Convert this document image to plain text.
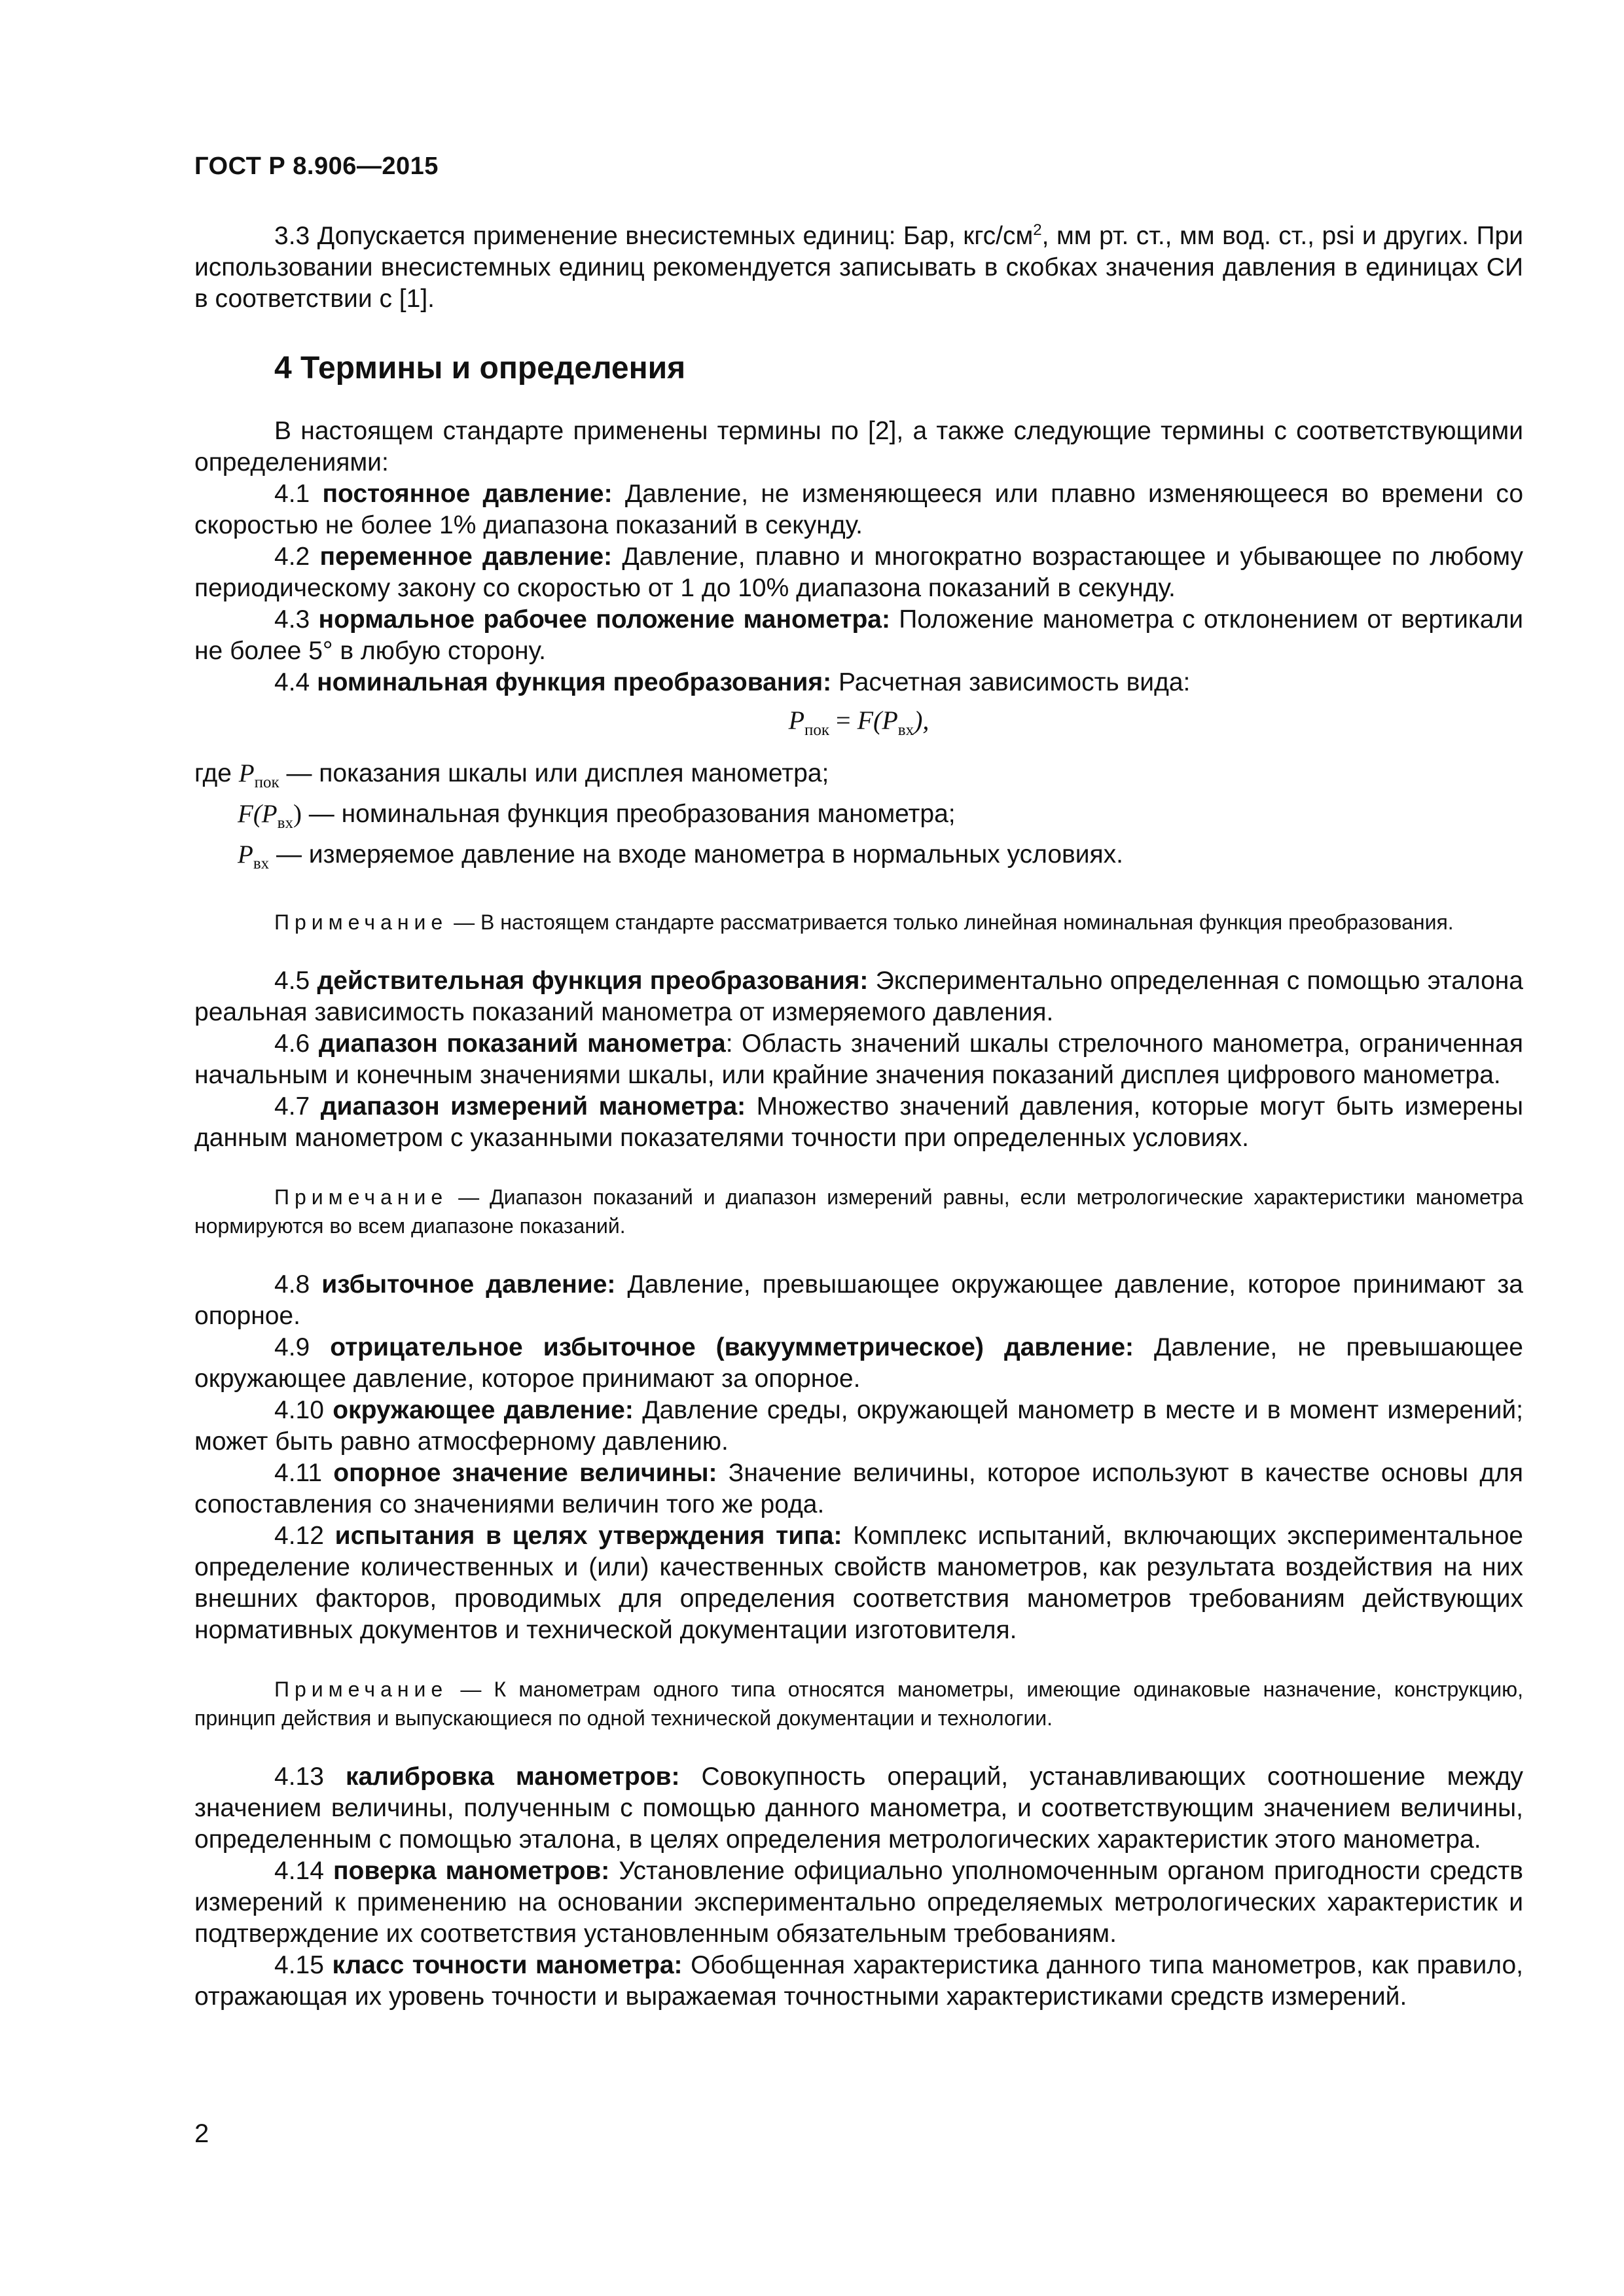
ГОСТ Р 8.906—2015

3.3 Допускается применение внесистемных единиц: Бар, кгс/$см^2$, мм рт. ст., мм вод. ст., psi и других. При использовании внесистемных единиц рекомендуется записывать в скобках значения давления в единицах СИ в соответствии с [1].

4 Термины и определения

В настоящем стандарте применены термины по [2], а также следующие термины с соответствующими определениями:

4.1 постоянное давление: Давление, не изменяющееся или плавно изменяющееся во времени со скоростью не более 1% диапазона показаний в секунду.

4.2 переменное давление: Давление, плавно и многократно возрастающее и убывающее по любому периодическому закону со скоростью от 1 до 10% диапазона показаний в секунду.

4.3 нормальное рабочее положение манометра: Положение манометра с отклонением от вертикали не более 5° в любую сторону.

4.4 номинальная функция преобразования: Расчетная зависимость вида:

$P_{пок} = F(P_{вх})$,

где $P_{пок}$ — показания шкалы или дисплея манометра;

$F(P_{вх})$ — номинальная функция преобразования манометра;

$P_{вх}$ — измеряемое давление на входе манометра в нормальных условиях.

Примечание — В настоящем стандарте рассматривается только линейная номинальная функция преобразования.

4.5 действительная функция преобразования: Экспериментально определенная с помощью эталона реальная зависимость показаний манометра от измеряемого давления.

4.6 диапазон показаний манометра: Область значений шкалы стрелочного манометра, ограниченная начальным и конечным значениями шкалы, или крайние значения показаний дисплея цифрового манометра.

4.7 диапазон измерений манометра: Множество значений давления, которые могут быть измерены данным манометром с указанными показателями точности при определенных условиях.

Примечание — Диапазон показаний и диапазон измерений равны, если метрологические характеристики манометра нормируются во всем диапазоне показаний.

4.8 избыточное давление: Давление, превышающее окружающее давление, которое принимают за опорное.

4.9 отрицательное избыточное (вакуумметрическое) давление: Давление, не превышающее окружающее давление, которое принимают за опорное.

4.10 окружающее давление: Давление среды, окружающей манометр в месте и в момент измерений; может быть равно атмосферному давлению.

4.11 опорное значение величины: Значение величины, которое используют в качестве основы для сопоставления со значениями величин того же рода.

4.12 испытания в целях утверждения типа: Комплекс испытаний, включающих экспериментальное определение количественных и (или) качественных свойств манометров, как результата воздействия на них внешних факторов, проводимых для определения соответствия манометров требованиям действующих нормативных документов и технической документации изготовителя.

Примечание — К манометрам одного типа относятся манометры, имеющие одинаковые назначение, конструкцию, принцип действия и выпускающиеся по одной технической документации и технологии.

4.13 калибровка манометров: Совокупность операций, устанавливающих соотношение между значением величины, полученным с помощью данного манометра, и соответствующим значением величины, определенным с помощью эталона, в целях определения метрологических характеристик этого манометра.

4.14 поверка манометров: Установление официально уполномоченным органом пригодности средств измерений к применению на основании экспериментально определяемых метрологических характеристик и подтверждение их соответствия установленным обязательным требованиям.

4.15 класс точности манометра: Обобщенная характеристика данного типа манометров, как правило, отражающая их уровень точности и выражаемая точностными характеристиками средств измерений.

2
